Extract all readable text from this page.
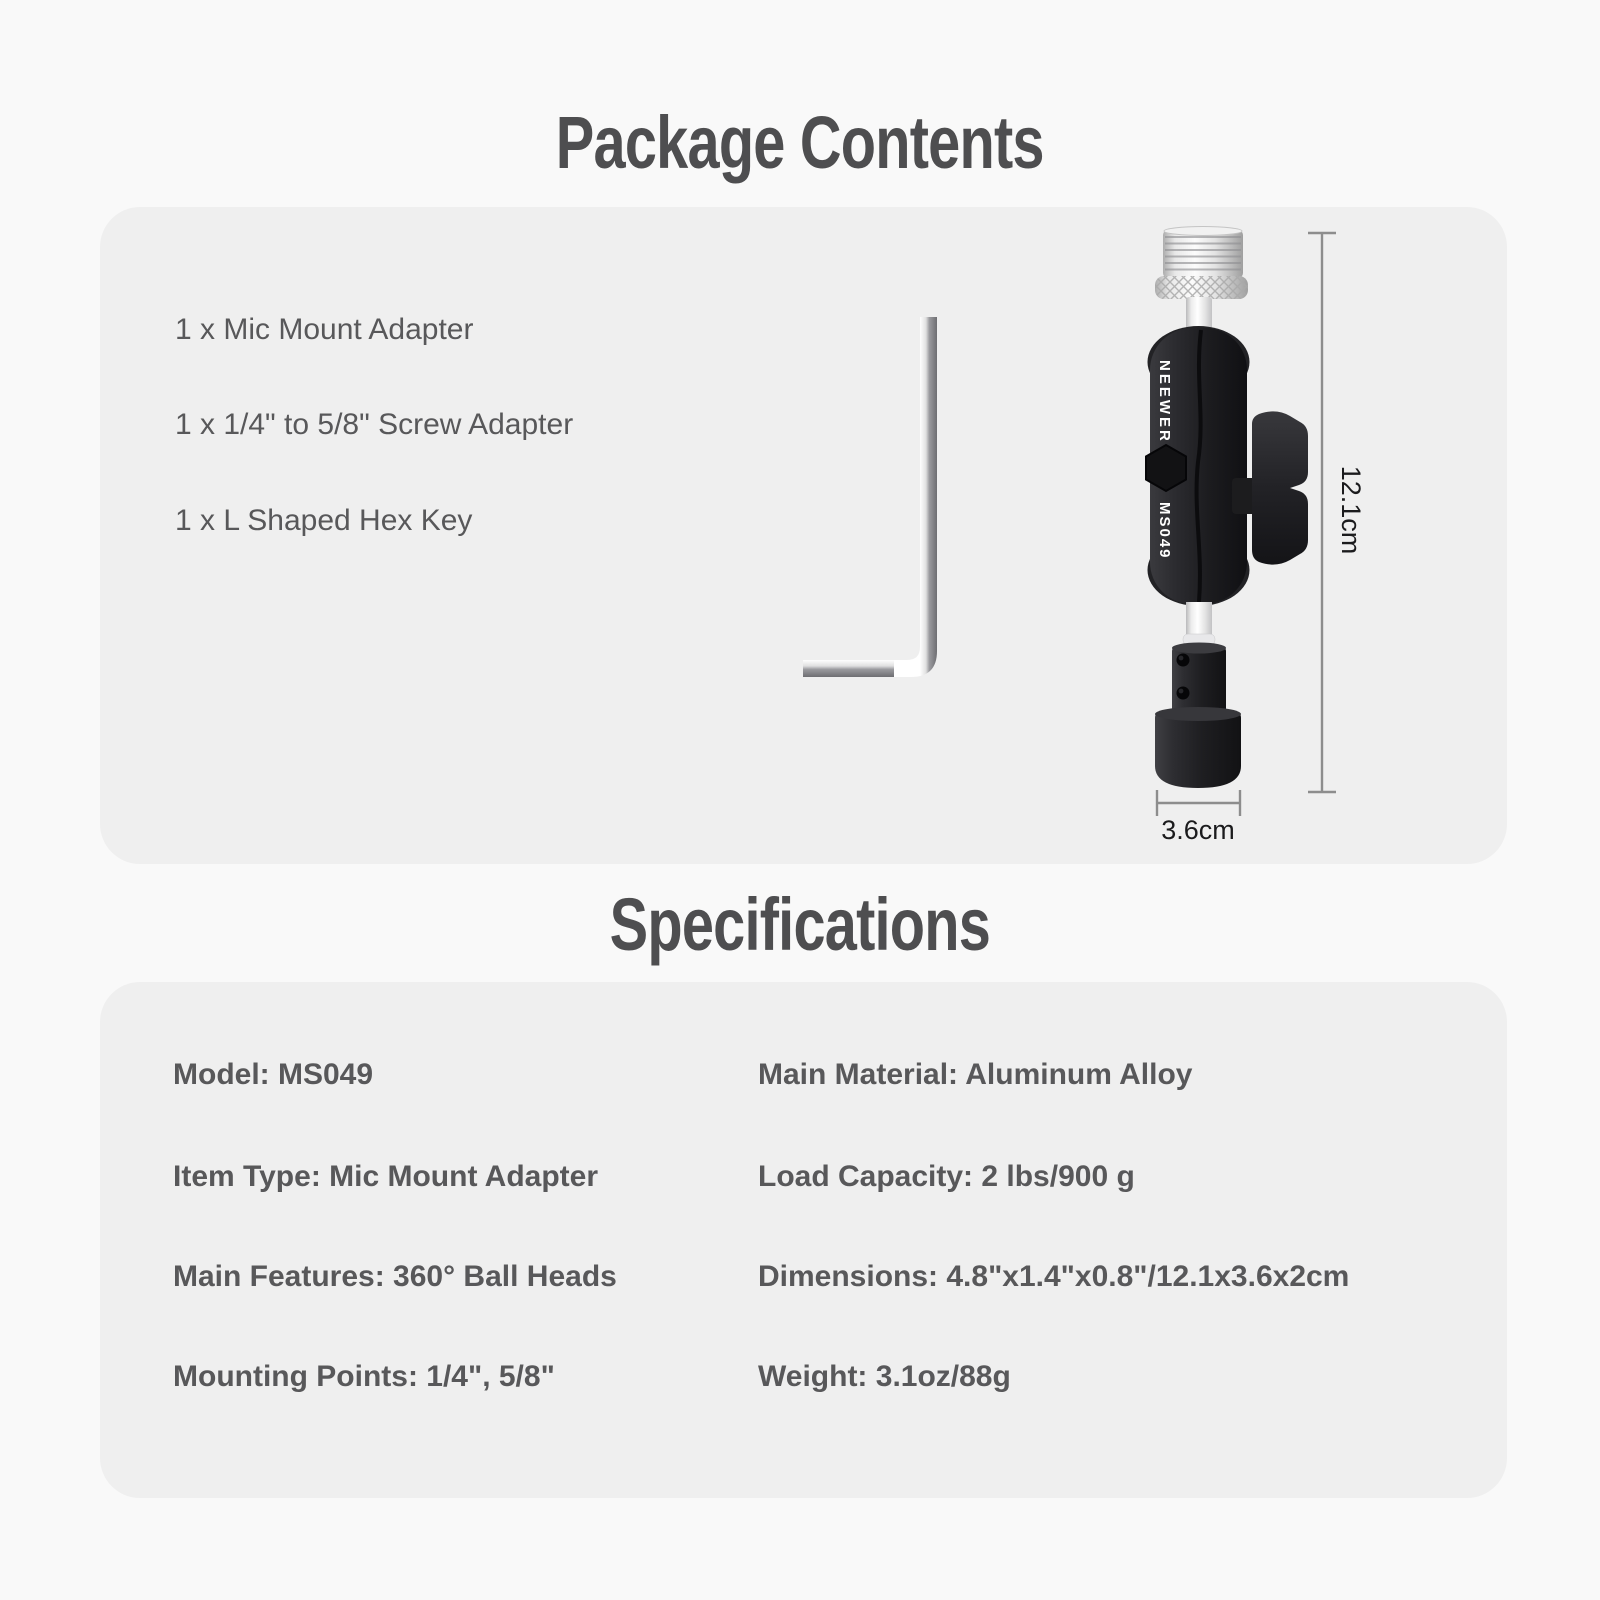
Package Contents
1 x Mic Mount Adapter
1 x 1/4" to 5/8" Screw Adapter
1 x L Shaped Hex Key
NEEWER
MS049	12.1cm
3.6cm
Specifications
Model: MS049
Item Type: Mic Mount Adapter
Main Features: 360° Ball Heads
Mounting Points: 1/4", 5/8"
Main Material: Aluminum Alloy
Load Capacity: 2 lbs/900 g
Dimensions: 4.8"x1.4"x0.8"/12.1x3.6x2cm
Weight: 3.1oz/88g
